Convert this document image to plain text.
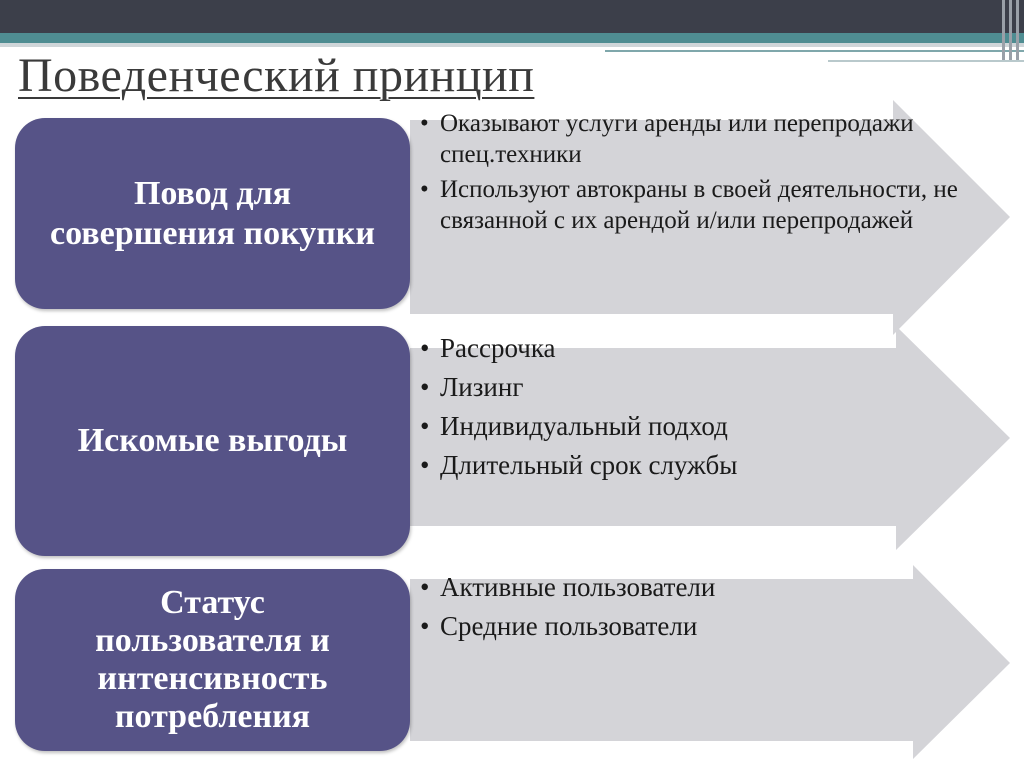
Поведенческий принцип
Повод для совершения покупки
• Оказывают услуги аренды или перепродажи спец.техники
• Используют автокраны в своей деятельности, не связанной с их арендой и/или перепродажей
Искомые выгоды
• Рассрочка
• Лизинг
• Индивидуальный подход
• Длительный срок службы
Статус пользователя и интенсивность потребления
• Активные пользователи
• Средние пользователи
